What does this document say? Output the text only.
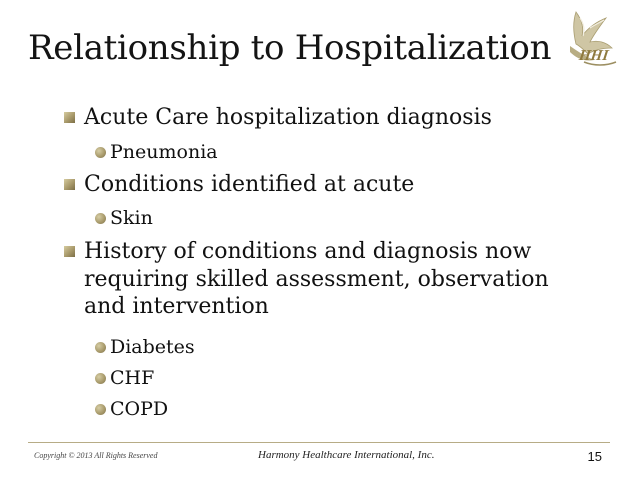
Relationship to Hospitalization HHI
Acute Care hospitalization diagnosis
Pneumonia
Conditions identified at acute
Skin
History of conditions and diagnosis now requiring skilled assessment, observation and intervention
Diabetes
CHF
COPD
Copyright © 2013 All Rights Reserved	Harmony Healthcare International, Inc.	15
